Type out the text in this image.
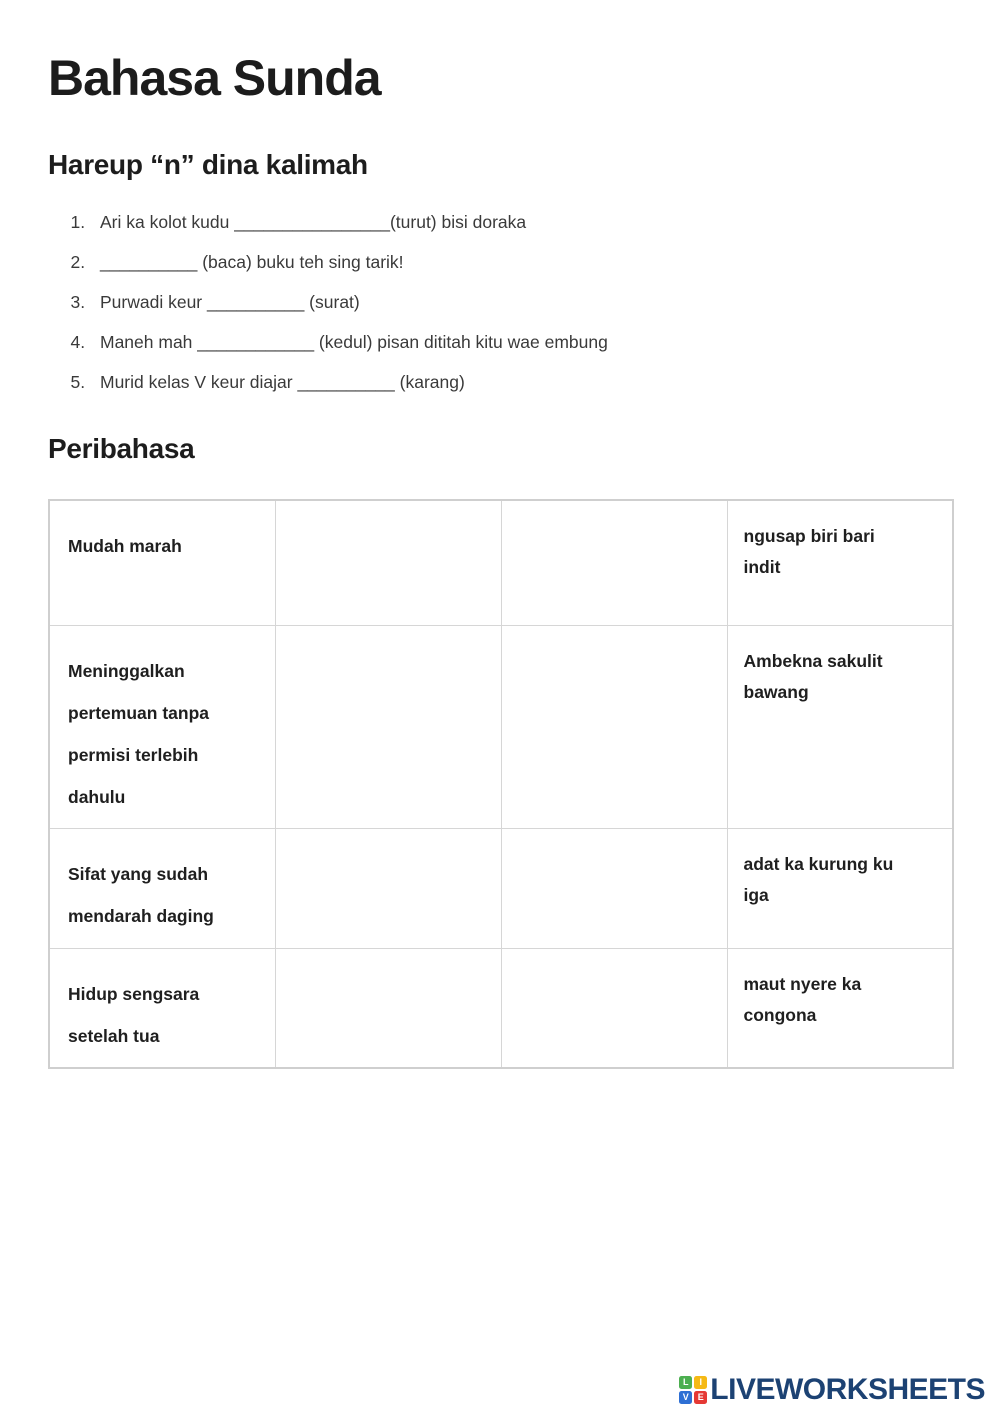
Bahasa Sunda
Hareup “n” dina kalimah
1. Ari ka kolot kudu ________________(turut) bisi doraka
2. __________ (baca) buku teh sing tarik!
3. Purwadi keur __________ (surat)
4. Maneh mah ____________ (kedul) pisan dititah kitu wae embung
5. Murid kelas V keur diajar __________ (karang)
Peribahasa
Mudah marah			ngusap biri bari indit
Meninggalkan pertemuan tanpa permisi terlebih dahulu			Ambekna sakulit bawang
Sifat yang sudah mendarah daging			adat ka kurung ku iga
Hidup sengsara setelah tua			maut nyere ka congona
L	I
V E LIVEWORKSHEETS
